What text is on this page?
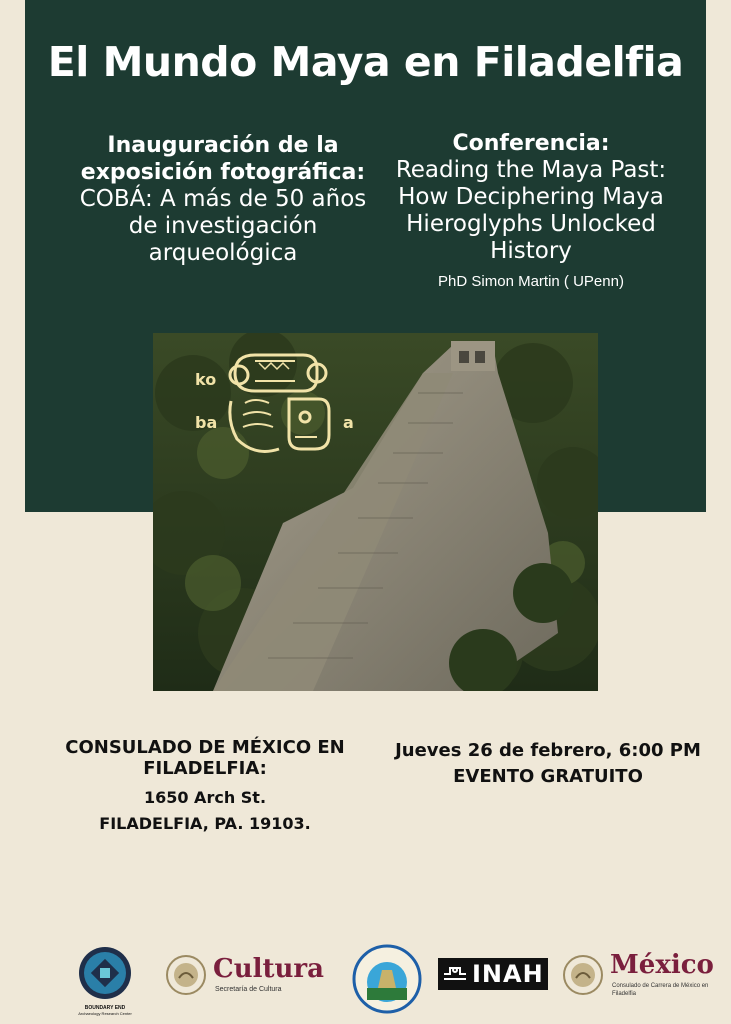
El Mundo Maya en Filadelfia
Inauguración de la exposición fotográfica:
COBÁ: A más de 50 años de investigación arqueológica
Conferencia:
Reading the Maya Past: How Deciphering Maya Hieroglyphs Unlocked History
PhD Simon Martin ( UPenn)
ko
ba	a
CONSULADO DE MÉXICO EN FILADELFIA:
1650 Arch St.
FILADELFIA, PA. 19103.
Jueves 26 de febrero, 6:00 PM
EVENTO GRATUITO
BOUNDARY END
Archaeology Research Center
Cultura
Secretaría de Cultura
INAH	México
Consulado de Carrera de México en Filadelfia
